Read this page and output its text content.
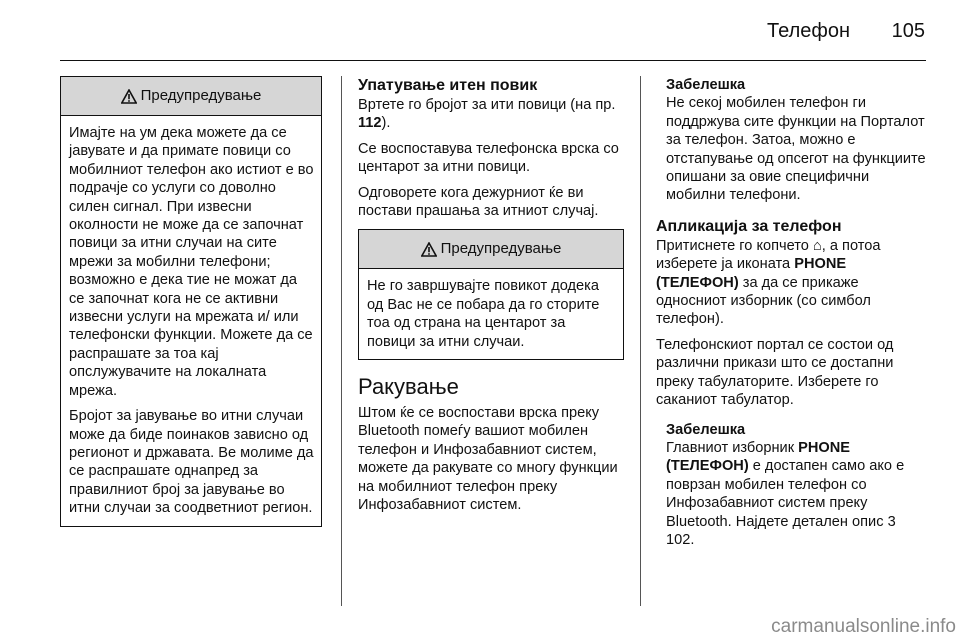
Телефон	105
Предупредување

Имајте на ум дека можете да се јавувате и да примате повици со мобилниот телефон ако истиот е во подрачје со услуги со доволно силен сигнал. При извесни околности не може да се започнат повици за итни случаи на сите мрежи за мобилни телефони; возможно е дека тие не можат да се започнат кога не се активни извесни услуги на мрежата и/ или телефонски функции. Можете да се распрашате за тоа кај опслужувачите на локалната мрежа.

Бројот за јавување во итни случаи може да биде поинаков зависно од регионот и државата. Ве молиме да се распрашате однапред за правилниот број за јавување во итни случаи за соодветниот регион.

Упатување итен повик

Вртете го бројот за ити повици (на пр. 112).

Се воспоставува телефонска врска со центарот за итни повици.

Одговорете кога дежурниот ќе ви постави прашања за итниот случај.

Предупредување

Не го завршувајте повикот додека од Вас не се побара да го сторите тоа од страна на центарот за повици за итни случаи.

Ракување

Штом ќе се воспостави врска преку Bluetooth помеѓу вашиот мобилен телефон и Инфозабавниот систем, можете да ракувате со многу функции на мобилниот телефон преку Инфозабавниот систем.

Забелешка
Не секој мобилен телефон ги поддржува сите функции на Порталот за телефон. Затоа, можно е отстапување од опсегот на функциите опишани за овие специфични мобилни телефони.
Апликација за телефон

Притиснете го копчето ⌂, а потоа изберете ја иконата PHONE (ТЕЛЕФОН) за да се прикаже односниот изборник (со симбол телефон).

Телефонскиот портал се состои од различни прикази што се достапни преку табулаторите. Изберете го саканиот табулатор.

Забелешка
Главниот изборник PHONE (ТЕЛЕФОН) е достапен само ако е поврзан мобилен телефон со Инфозабавниот систем преку Bluetooth. Најдете детален опис 3 102.
carmanualsonline.info
